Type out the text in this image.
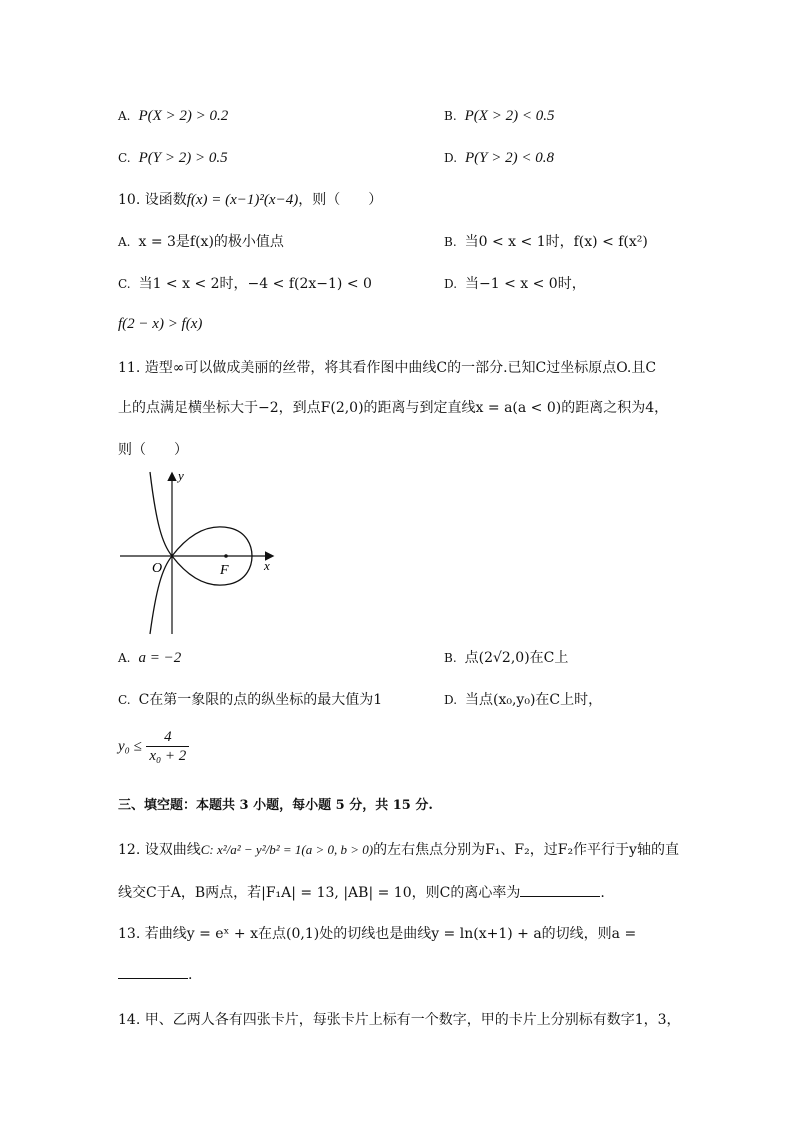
A. P(X > 2) > 0.2	B. P(X > 2) < 0.5
C. P(Y > 2) > 0.5	D. P(Y > 2) < 0.8
10. 设函数f(x) = (x−1)²(x−4)，则（　　）
A. x = 3是f(x)的极小值点	B. 当0 < x < 1时，f(x) < f(x²)
C. 当1 < x < 2时，−4 < f(2x−1) < 0	D. 当−1 < x < 0时，
f(2 − x) > f(x)
11. 造型∞可以做成美丽的丝带，将其看作图中曲线C的一部分.已知C过坐标原点O.且C
上的点满足横坐标大于−2，到点F(2,0)的距离与到定直线x = a(a < 0)的距离之积为4，
则（　　）
y
x
O	F
A. a = −2	B. 点(2√2,0)在C上
C. C在第一象限的点的纵坐标的最大值为1	D. 当点(x₀,y₀)在C上时，
$y_0 \le \frac{4}{\text{x₀ + 2}}$
三、填空题：本题共 3 小题，每小题 5 分，共 15 分.
12. 设双曲线C: x²/a² − y²/b² = 1(a > 0, b > 0)的左右焦点分别为F₁、F₂，过F₂作平行于y轴的直
线交C于A，B两点，若|F₁A| = 13, |AB| = 10，则C的离心率为	.
13. 若曲线y = eˣ + x在点(0,1)处的切线也是曲线y = ln(x+1) + a的切线，则a =
.
14. 甲、乙两人各有四张卡片，每张卡片上标有一个数字，甲的卡片上分别标有数字1，3，
